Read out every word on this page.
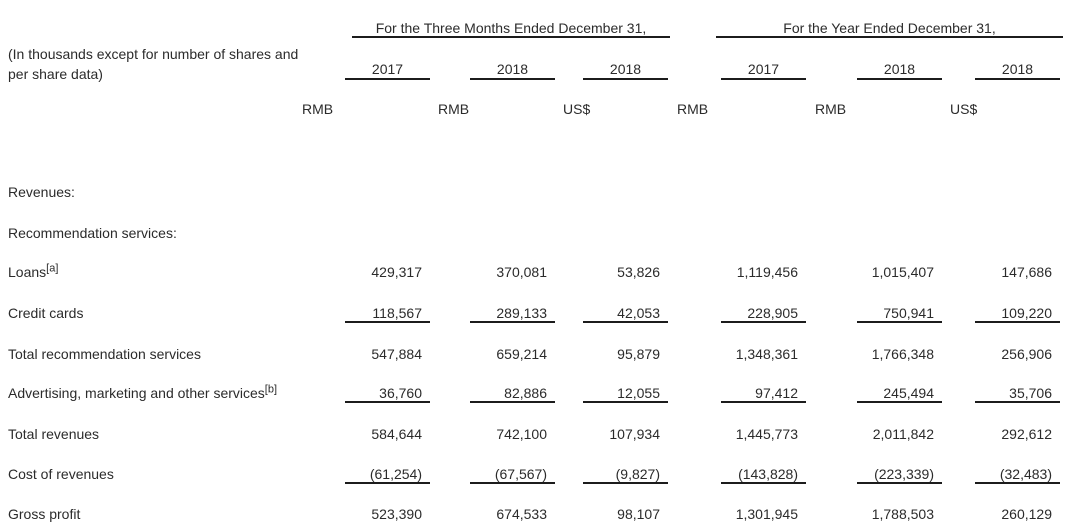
(In thousands except for number of shares and per share data)
For the Three Months Ended December 31,	For the Year Ended December 31,
2017	2018	2018	2017	2018	2018
RMB	RMB	US$	RMB	RMB	US$
Revenues:
Recommendation services:
Loans[a]	429,317	370,081	53,826	1,119,456	1,015,407	147,686
Credit cards	118,567	289,133	42,053	228,905	750,941	109,220
Total recommendation services	547,884	659,214	95,879	1,348,361	1,766,348	256,906
Advertising, marketing and other services[b]	36,760	82,886	12,055	97,412	245,494	35,706
Total revenues	584,644	742,100	107,934	1,445,773	2,011,842	292,612
Cost of revenues	(61,254)	(67,567)	(9,827)	(143,828)	(223,339)	(32,483)
Gross profit	523,390	674,533	98,107	1,301,945	1,788,503	260,129
